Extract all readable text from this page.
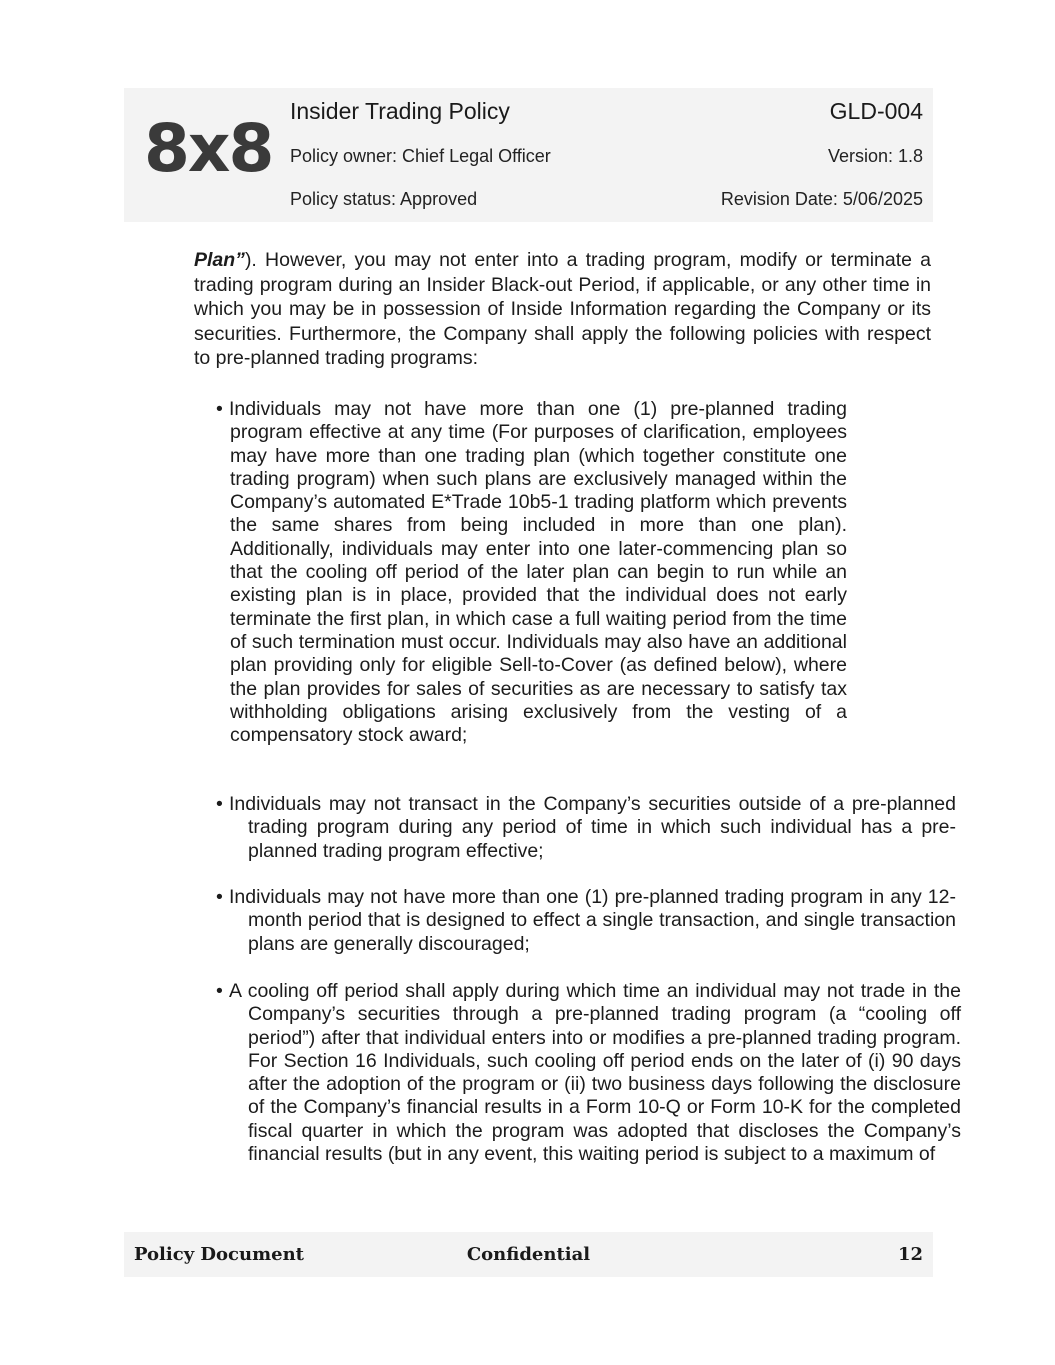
8x8 Insider Trading Policy	GLD-004
Policy owner: Chief Legal Officer	Version: 1.8
Policy status: Approved	Revision Date: 5/06/2025

Plan”). However, you may not enter into a trading program, modify or terminate a trading program during an Insider Black-out Period, if applicable, or any other time in which you may be in possession of Inside Information regarding the Company or its securities. Furthermore, the Company shall apply the following policies with respect to pre-planned trading programs:

• Individuals may not have more than one (1) pre-planned trading program effective at any time (For purposes of clarification, employees may have more than one trading plan (which together constitute one trading program) when such plans are exclusively managed within the Company’s automated E*Trade 10b5-1 trading platform which prevents the same shares from being included in more than one plan). Additionally, individuals may enter into one later-commencing plan so that the cooling off period of the later plan can begin to run while an existing plan is in place, provided that the individual does not early terminate the first plan, in which case a full waiting period from the time of such termination must occur. Individuals may also have an additional plan providing only for eligible Sell-to-Cover (as defined below), where the plan provides for sales of securities as are necessary to satisfy tax withholding obligations arising exclusively from the vesting of a compensatory stock award;
• Individuals may not transact in the Company’s securities outside of a pre-planned trading program during any period of time in which such individual has a pre-planned trading program effective;
• Individuals may not have more than one (1) pre-planned trading program in any 12-month period that is designed to effect a single transaction, and single transaction plans are generally discouraged;
• A cooling off period shall apply during which time an individual may not trade in the Company’s securities through a pre-planned trading program (a “cooling off period”) after that individual enters into or modifies a pre-planned trading program. For Section 16 Individuals, such cooling off period ends on the later of (i) 90 days after the adoption of the program or (ii) two business days following the disclosure of the Company’s financial results in a Form 10-Q or Form 10-K for the completed fiscal quarter in which the program was adopted that discloses the Company’s financial results (but in any event, this waiting period is subject to a maximum of
Policy Document	Confidential	12
